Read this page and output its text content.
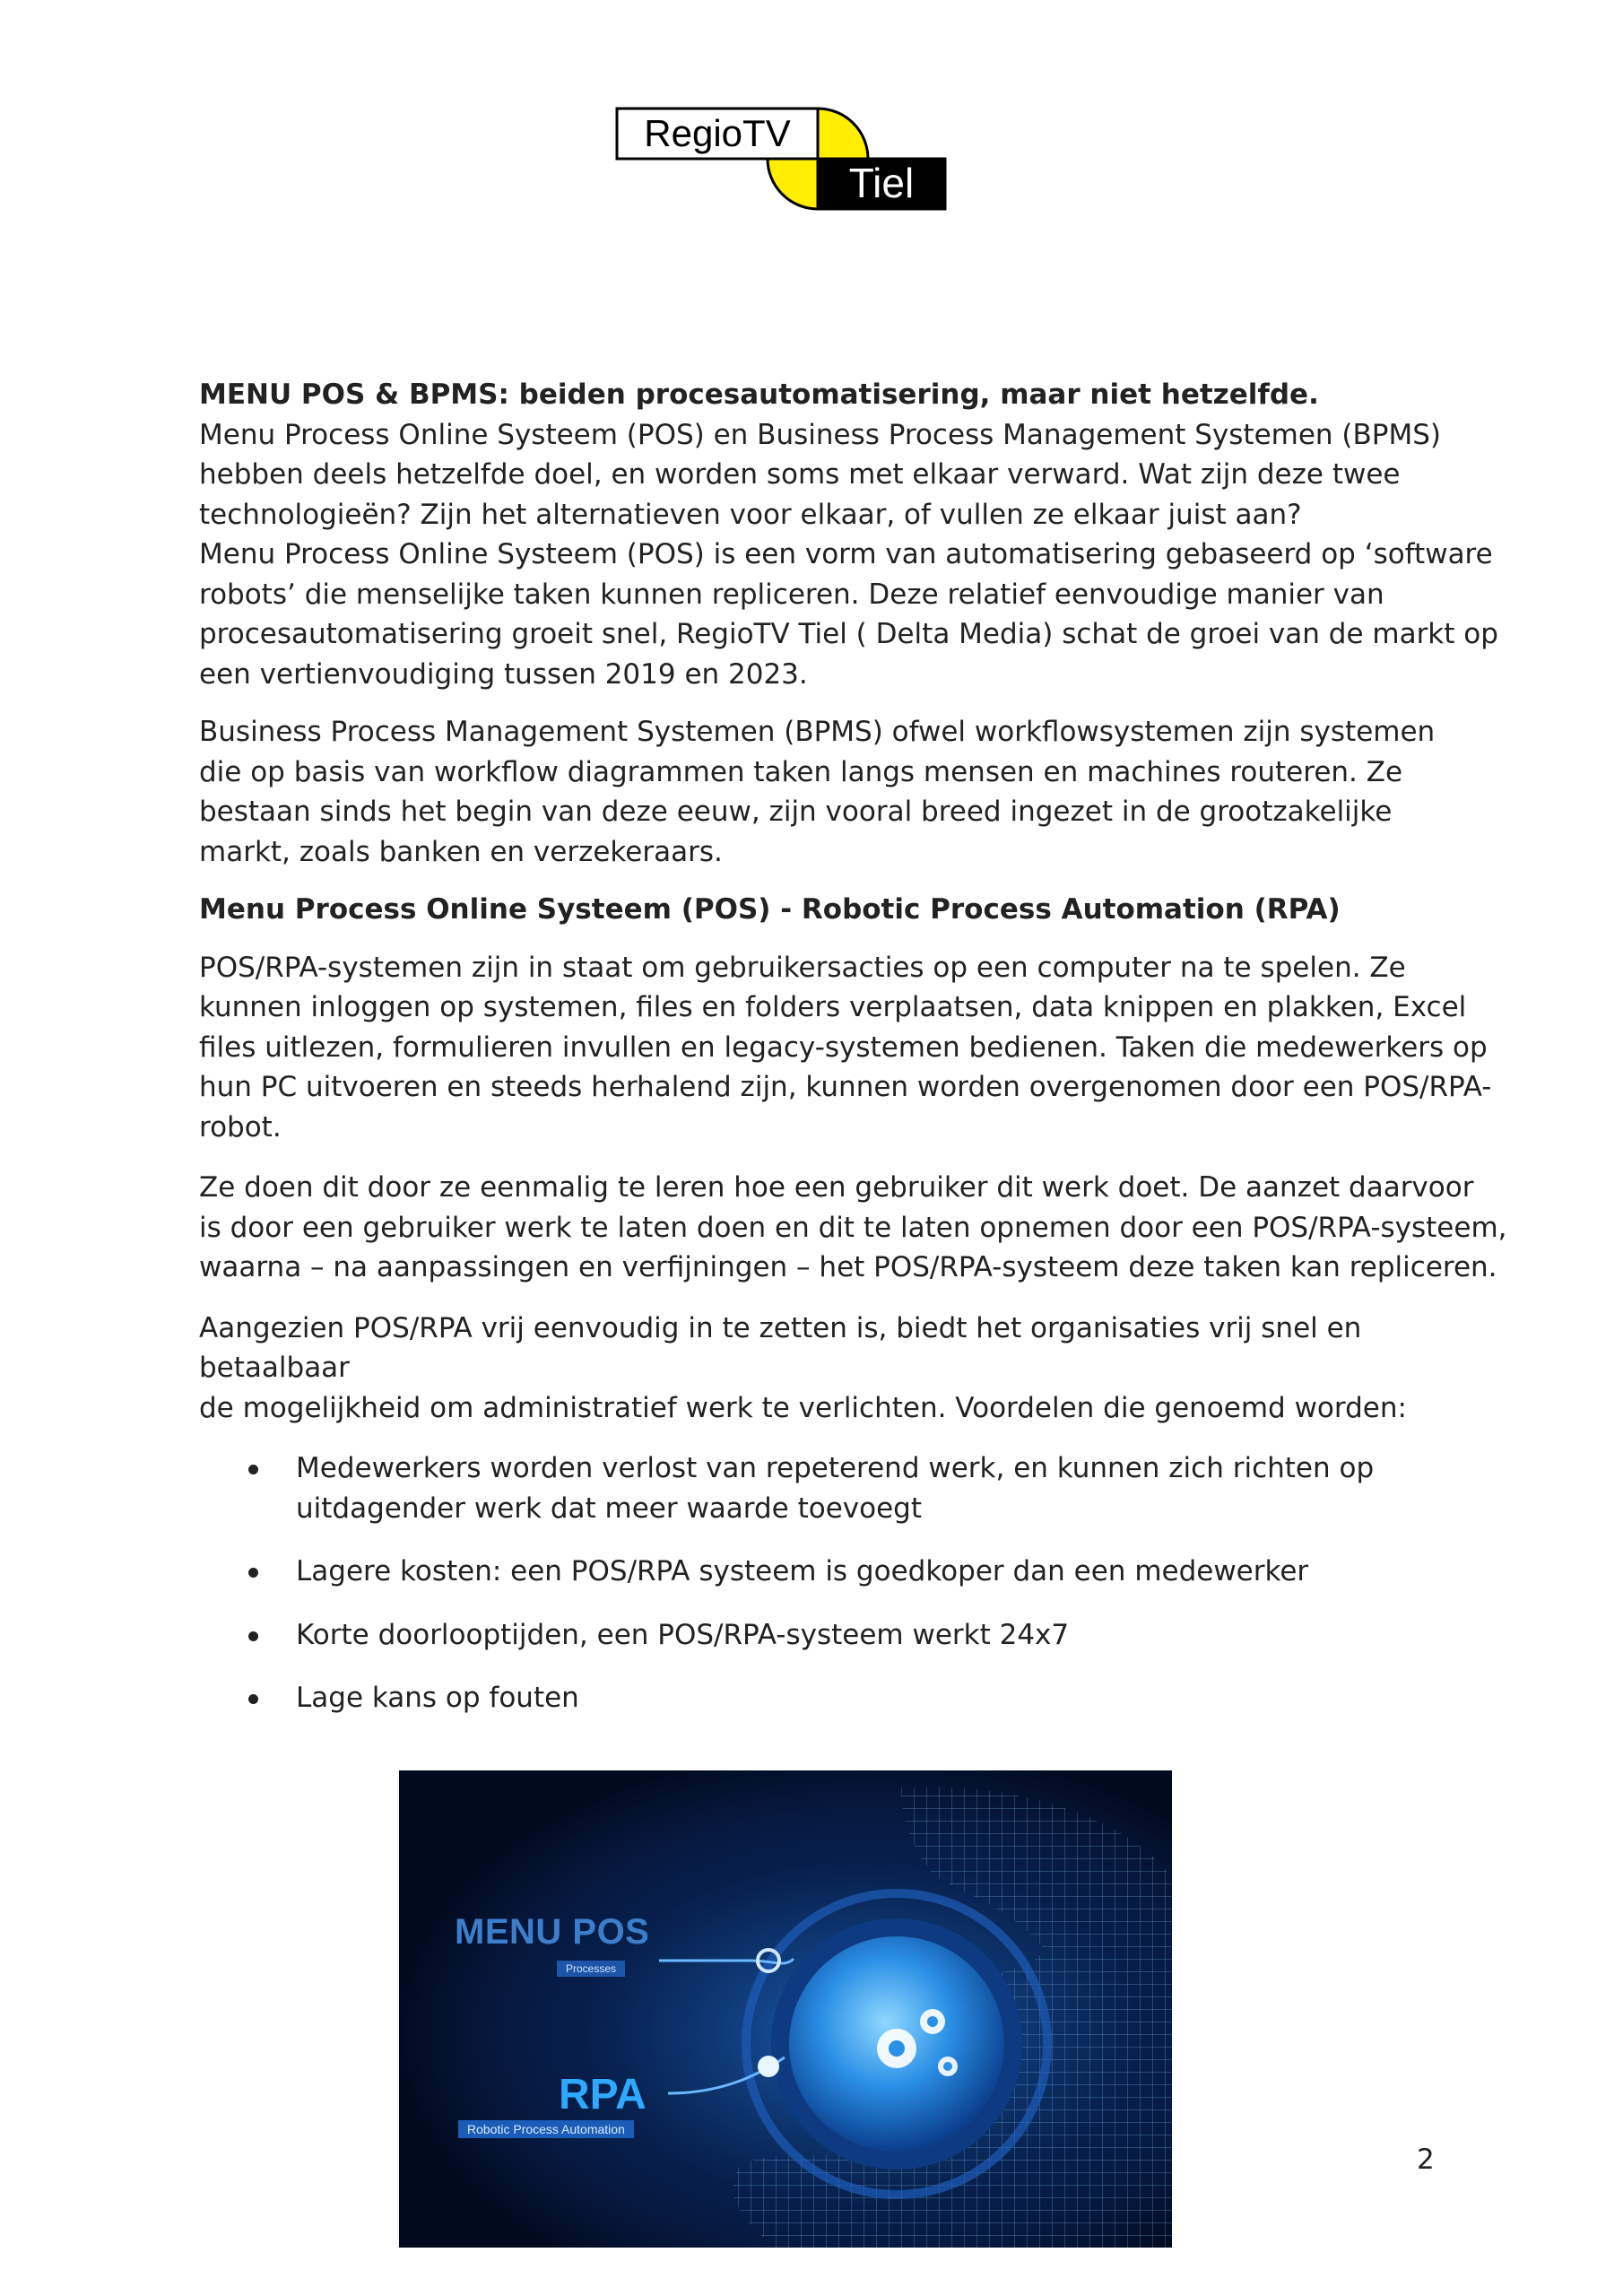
RegioTV
Tiel

MENU POS & BPMS: beiden procesautomatisering, maar niet hetzelfde.

Menu Process Online Systeem (POS) en Business Process Management Systemen (BPMS)
hebben deels hetzelfde doel, en worden soms met elkaar verward. Wat zijn deze twee
technologieën? Zijn het alternatieven voor elkaar, of vullen ze elkaar juist aan?
Menu Process Online Systeem (POS) is een vorm van automatisering gebaseerd op ‘software
robots’ die menselijke taken kunnen repliceren. Deze relatief eenvoudige manier van
procesautomatisering groeit snel, RegioTV Tiel ( Delta Media) schat de groei van de markt op
een vertienvoudiging tussen 2019 en 2023.

Business Process Management Systemen (BPMS) ofwel workflowsystemen zijn systemen
die op basis van workflow diagrammen taken langs mensen en machines routeren. Ze
bestaan sinds het begin van deze eeuw, zijn vooral breed ingezet in de grootzakelijke
markt, zoals banken en verzekeraars.

Menu Process Online Systeem (POS) - Robotic Process Automation (RPA)

POS/RPA-systemen zijn in staat om gebruikersacties op een computer na te spelen. Ze
kunnen inloggen op systemen, files en folders verplaatsen, data knippen en plakken, Excel
files uitlezen, formulieren invullen en legacy-systemen bedienen. Taken die medewerkers op
hun PC uitvoeren en steeds herhalend zijn, kunnen worden overgenomen door een POS/RPA-
robot.

Ze doen dit door ze eenmalig te leren hoe een gebruiker dit werk doet. De aanzet daarvoor
is door een gebruiker werk te laten doen en dit te laten opnemen door een POS/RPA-systeem,
waarna – na aanpassingen en verfijningen – het POS/RPA-systeem deze taken kan repliceren.

Aangezien POS/RPA vrij eenvoudig in te zetten is, biedt het organisaties vrij snel en betaalbaar
de mogelijkheid om administratief werk te verlichten. Voordelen die genoemd worden:

Medewerkers worden verlost van repeterend werk, en kunnen zich richten op
uitdagender werk dat meer waarde toevoegt
Lagere kosten: een POS/RPA systeem is goedkoper dan een medewerker
Korte doorlooptijden, een POS/RPA-systeem werkt 24x7
Lage kans op fouten
MENU POS
Processes
RPA
Robotic Process Automation
2
